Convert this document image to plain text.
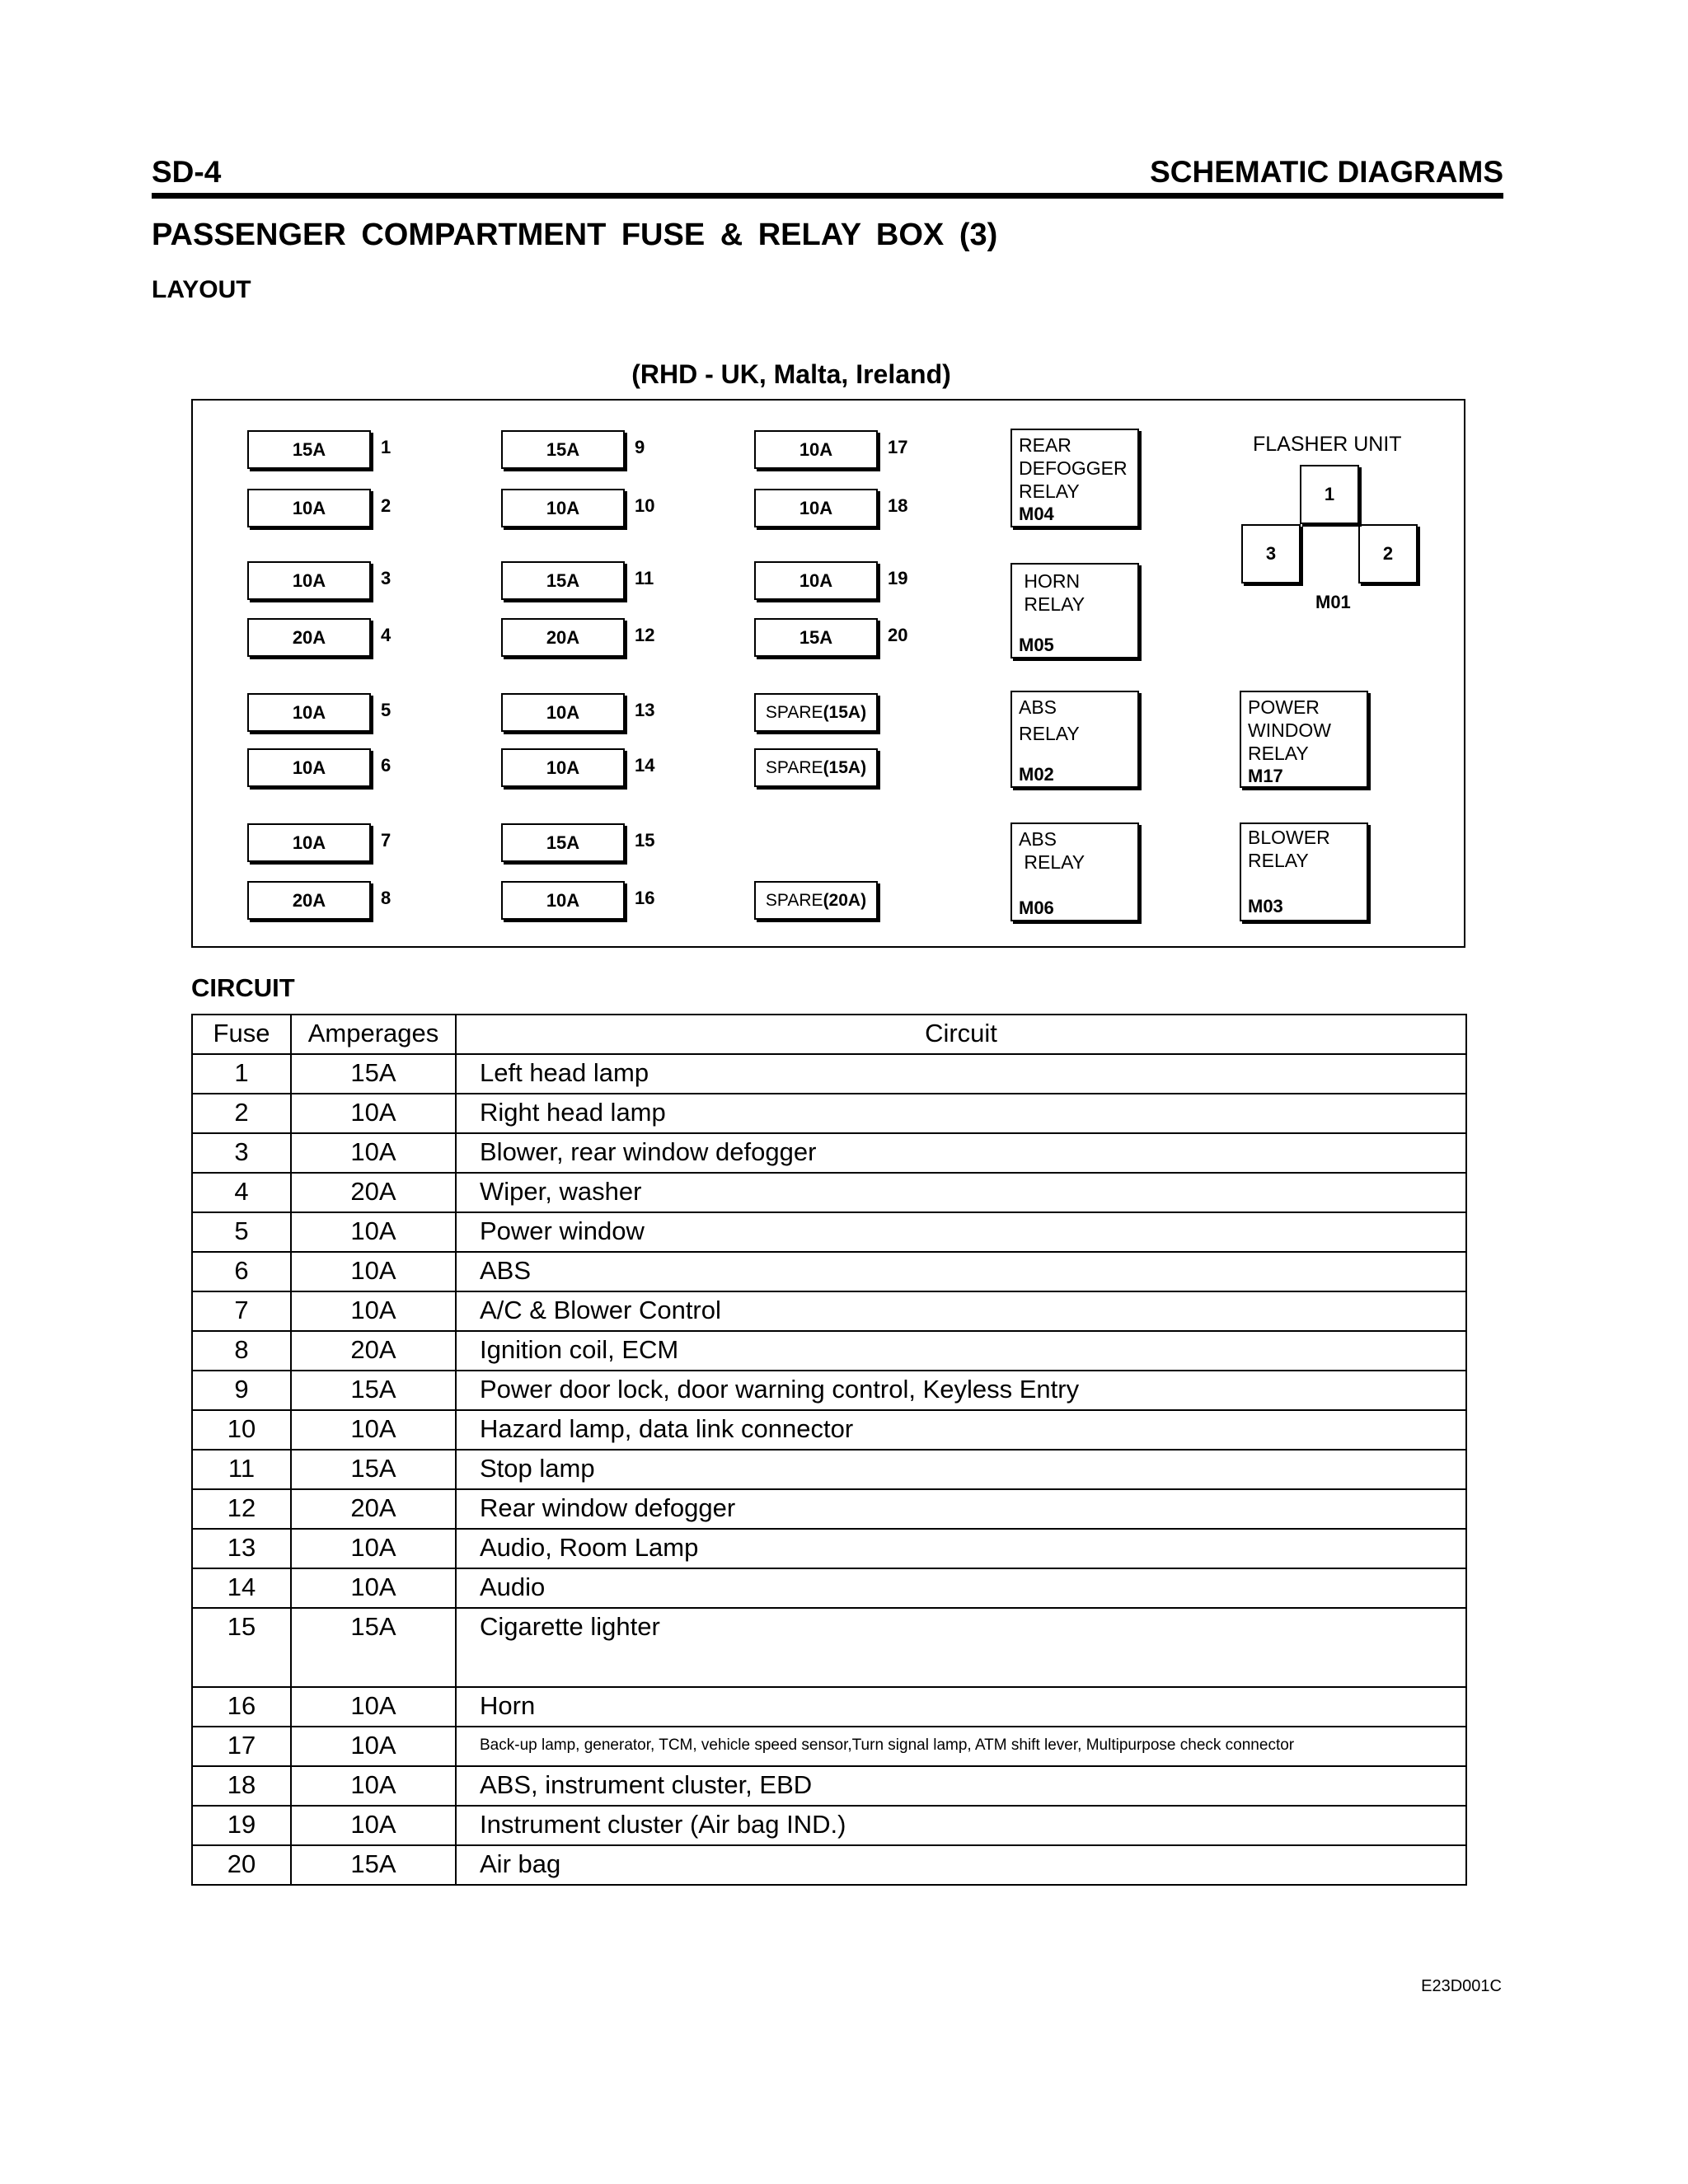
SD-4	SCHEMATIC DIAGRAMS
PASSENGER COMPARTMENT FUSE & RELAY BOX (3)
LAYOUT
(RHD - UK, Malta, Ireland)
15A	1
10A	2
10A	3
20A	4
10A	5
10A	6
10A	7
20A	8
15A	9
10A	10
15A	11
20A	12
10A	13
10A	14
15A	15
10A	16
10A	17
10A	18
10A	19
15A	20
SPARE (15A)
SPARE (15A)
SPARE (20A)
REAR
DEFOGGER
RELAY
M04
HORN
RELAY
M05
ABS
RELAY
M02
ABS
RELAY
M06
POWER
WINDOW
RELAY
M17
BLOWER
RELAY
M03
FLASHER UNIT
1
3	2
M01
CIRCUIT
Fuse	Amperages	Circuit
1	15A	Left head lamp
2	10A	Right head lamp
3	10A	Blower, rear window defogger
4	20A	Wiper, washer
5	10A	Power window
6	10A	ABS
7	10A	A/C & Blower Control
8	20A	Ignition coil, ECM
9	15A	Power door lock, door warning control, Keyless Entry
10	10A	Hazard lamp, data link connector
11	15A	Stop lamp
12	20A	Rear window defogger
13	10A	Audio, Room Lamp
14	10A	Audio
15	15A	Cigarette lighter
16	10A	Horn
17	10A	Back-up lamp, generator, TCM, vehicle speed sensor,Turn signal lamp, ATM shift lever, Multipurpose check connector
18	10A	ABS, instrument cluster, EBD
19	10A	Instrument cluster (Air bag IND.)
20	15A	Air bag
E23D001C
